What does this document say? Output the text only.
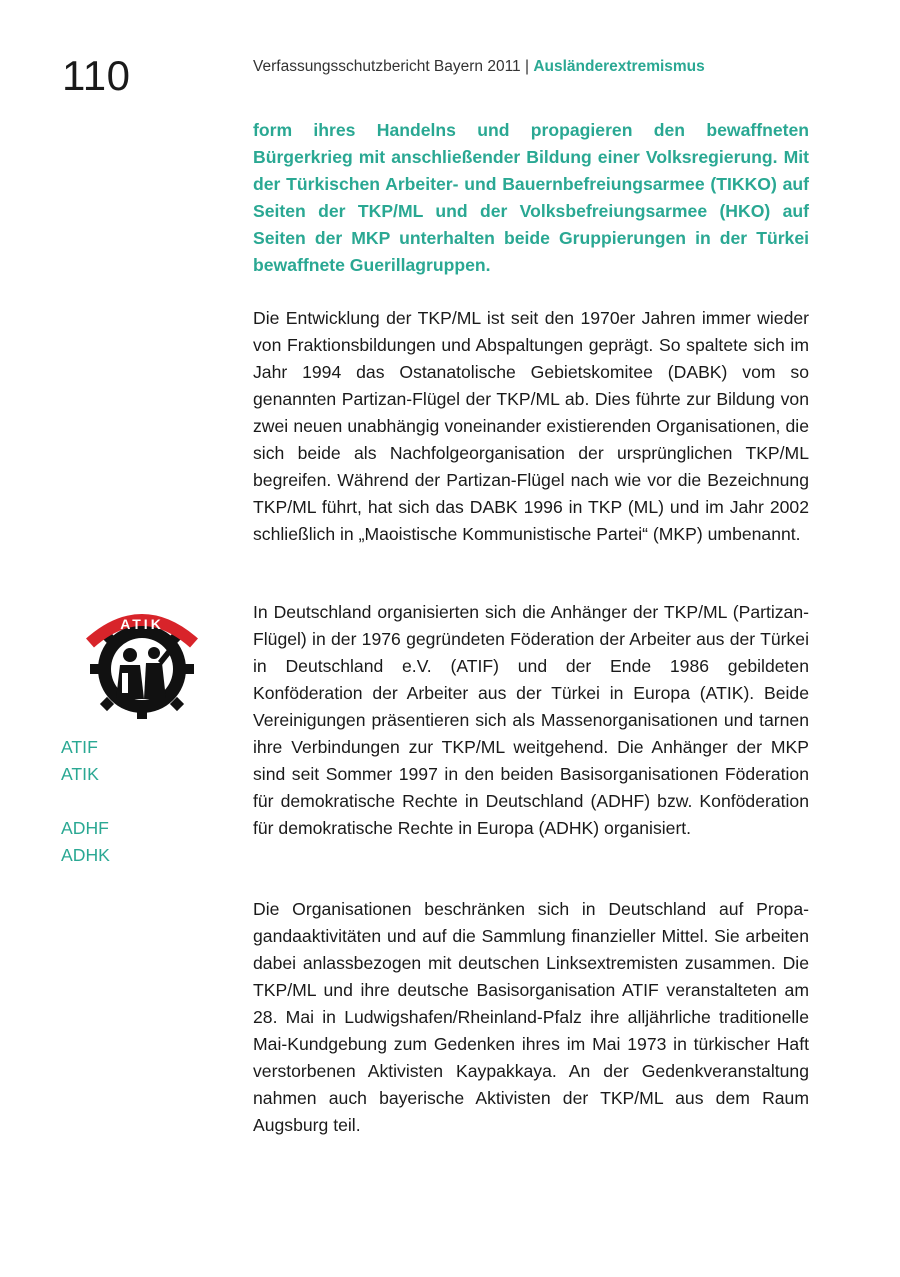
110	Verfassungsschutzbericht Bayern 2011 | Ausländerextremismus

form ihres Handelns und propagieren den bewaffneten Bürgerkrieg mit anschließender Bildung einer Volksregierung. Mit der Türkischen Arbeiter- und Bauernbefreiungsarmee (TIKKO) auf Seiten der TKP/ML und der Volksbefreiungsarmee (HKO) auf Seiten der MKP unterhalten beide Gruppierungen in der Türkei bewaffnete Guerillagruppen.

Die Entwicklung der TKP/ML ist seit den 1970er Jahren immer wieder von Fraktionsbildungen und Abspaltungen geprägt. So spaltete sich im Jahr 1994 das Ostanatolische Gebietskomitee (DABK) vom so genannten Partizan-Flügel der TKP/ML ab. Dies führte zur Bildung von zwei neuen unabhängig voneinander existierenden Organisationen, die sich beide als Nachfolgeorganisation der ursprünglichen TKP/ML begreifen. Während der Partizan-Flügel nach wie vor die Bezeichnung TKP/ML führt, hat sich das DABK 1996 in TKP (ML) und im Jahr 2002 schließlich in „Maoistische Kommunistische Partei“ (MKP) umbenannt.

In Deutschland organisierten sich die Anhänger der TKP/ML (Partizan-Flügel) in der 1976 gegründeten Föderation der Arbeiter aus der Türkei in Deutschland e.V. (ATIF) und der Ende 1986 gebildeten Konföderation der Arbeiter aus der Türkei in Europa (ATIK). Beide Vereinigungen präsentieren sich als Massenorganisationen und tarnen ihre Verbindungen zur TKP/ML weitgehend. Die Anhänger der MKP sind seit Sommer 1997 in den beiden Basisorganisationen Föderation für demokratische Rechte in Deutschland (ADHF) bzw. Konföderation für demokratische Rechte in Europa (ADHK) organisiert.

Die Organisationen beschränken sich in Deutschland auf Propagandaaktivitäten und auf die Sammlung finanzieller Mittel. Sie arbeiten dabei anlassbezogen mit deutschen Linksextremisten zusammen. Die TKP/ML und ihre deutsche Basisorganisation ATIF veranstalteten am 28. Mai in Ludwigshafen/Rheinland-Pfalz ihre alljährliche traditionelle Mai-Kundgebung zum Gedenken ihres im Mai 1973 in türkischer Haft verstorbenen Aktivisten Kaypakkaya. An der Gedenkveranstaltung nahmen auch bayerische Aktivisten der TKP/ML aus dem Raum Augsburg teil.

ATIK
ATIF
ATIK
ADHF
ADHK
